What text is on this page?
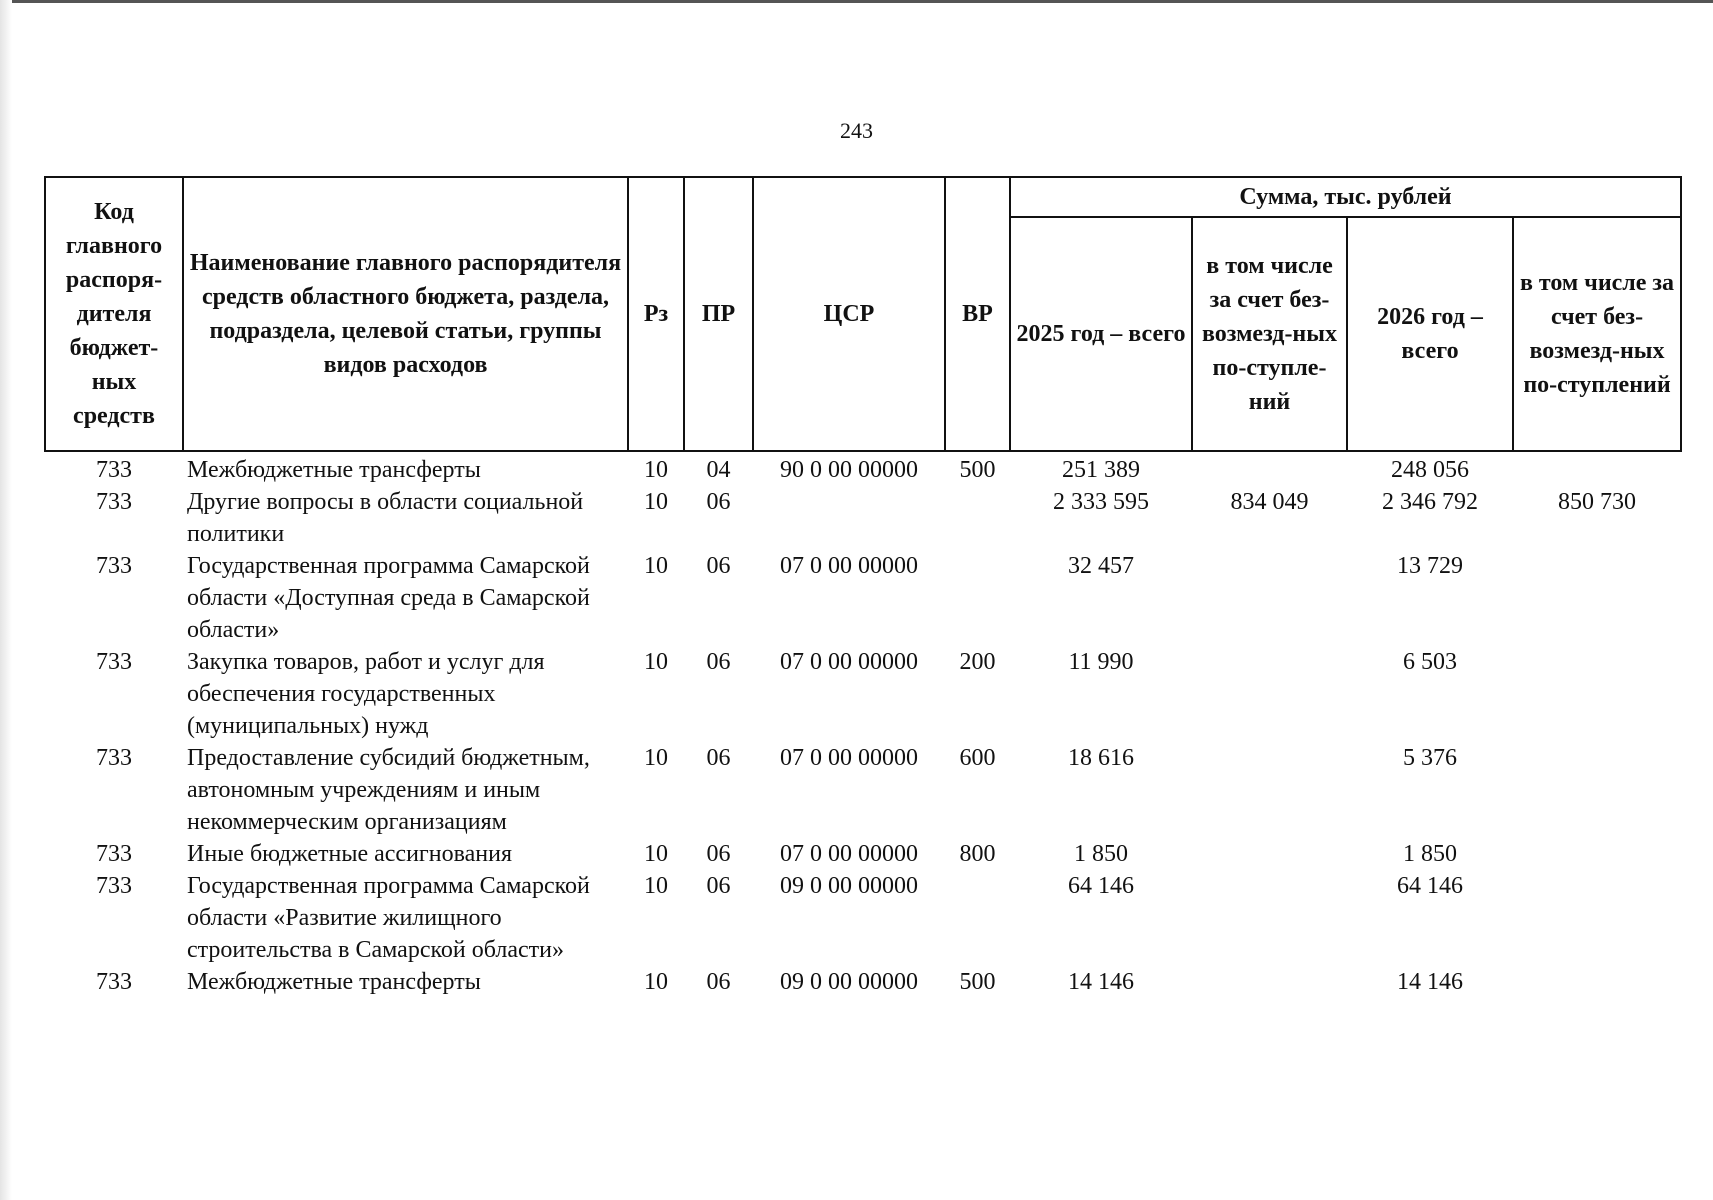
243
Код главного распоря-дителя бюджет-ных средств	Наименование главного распорядителя средств областного бюджета, раздела, подраздела, целевой статьи, группы видов расходов	Рз	ПР	ЦСР	ВР	Сумма, тыс. рублей			
						2025 год – всего	в том числе за счет без-возмезд-ных по-ступле-ний	2026 год – всего	в том числе за счет без-возмезд-ных по-ступлений
733	Межбюджетные трансферты	10	04	90 0 00 00000	500	251 389		248 056	
733	Другие вопросы в области социальной политики	10	06			2 333 595	834 049	2 346 792	850 730
733	Государственная программа Самарской области «Доступная среда в Самарской области»	10	06	07 0 00 00000		32 457		13 729	
733	Закупка товаров, работ и услуг для обеспечения государственных (муниципальных) нужд	10	06	07 0 00 00000	200	11 990		6 503	
733	Предоставление субсидий бюджетным, автономным учреждениям и иным некоммерческим организациям	10	06	07 0 00 00000	600	18 616		5 376	
733	Иные бюджетные ассигнования	10	06	07 0 00 00000	800	1 850		1 850	
733	Государственная программа Самарской области «Развитие жилищного строительства в Самарской области»	10	06	09 0 00 00000		64 146		64 146	
733	Межбюджетные трансферты	10	06	09 0 00 00000	500	14 146		14 146	
